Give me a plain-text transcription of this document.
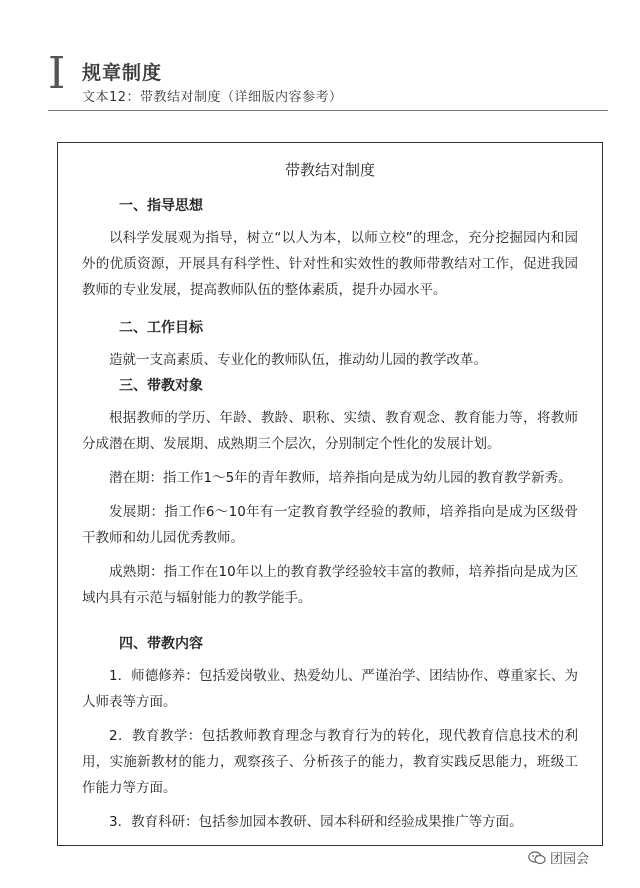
I 规章制度
文本12：带教结对制度（详细版内容参考）
带教结对制度

一、指导思想

以科学发展观为指导，树立“以人为本，以师立校”的理念，充分挖掘园内和园外的优质资源，开展具有科学性、针对性和实效性的教师带教结对工作，促进我园教师的专业发展，提高教师队伍的整体素质，提升办园水平。

二、工作目标

造就一支高素质、专业化的教师队伍，推动幼儿园的教学改革。

三、带教对象

根据教师的学历、年龄、教龄、职称、实绩、教育观念、教育能力等，将教师分成潜在期、发展期、成熟期三个层次，分别制定个性化的发展计划。

潜在期：指工作1～5年的青年教师，培养指向是成为幼儿园的教育教学新秀。

发展期：指工作6～10年有一定教育教学经验的教师，培养指向是成为区级骨干教师和幼儿园优秀教师。

成熟期：指工作在10年以上的教育教学经验较丰富的教师，培养指向是成为区域内具有示范与辐射能力的教学能手。

四、带教内容

1．师德修养：包括爱岗敬业、热爱幼儿、严谨治学、团结协作、尊重家长、为人师表等方面。

2．教育教学：包括教师教育理念与教育行为的转化，现代教育信息技术的利用，实施新教材的能力，观察孩子、分析孩子的能力，教育实践反思能力，班级工作能力等方面。

3．教育科研：包括参加园本教研、园本科研和经验成果推广等方面。

团园会
